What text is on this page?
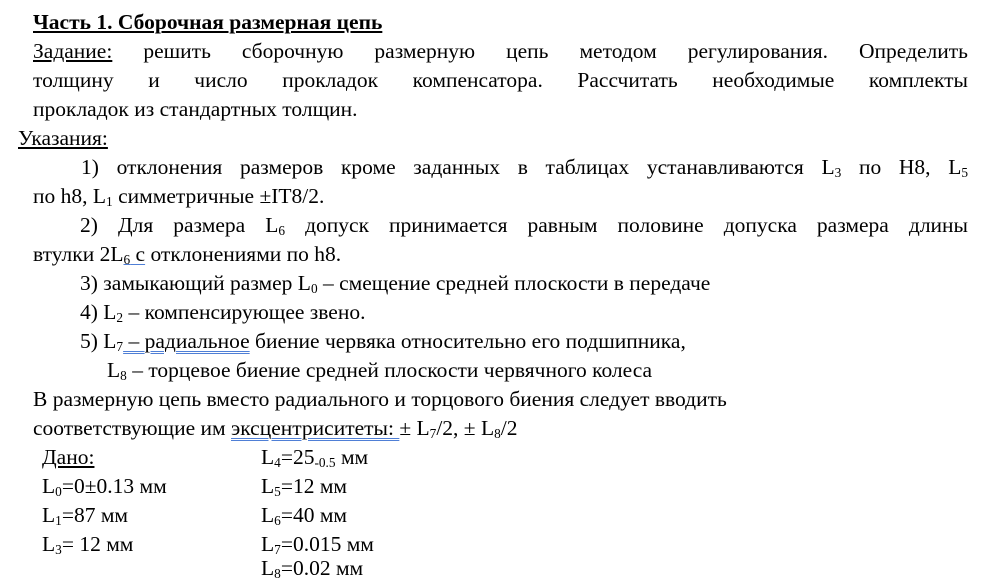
Часть 1. Сборочная размерная цепь
Задание: решить сборочную размерную цепь методом регулирования. Определить
толщину и число прокладок компенсатора. Рассчитать необходимые комплекты
прокладок из стандартных толщин.
Указания:
1) отклонения размеров кроме заданных в таблицах устанавливаются $L_3$ по H8, $L_5$
по h8, $L_1$ симметричные ±IT8/2.
2) Для размера $L_6$ допуск принимается равным половине допуска размера длины
втулки $2L_6$ с отклонениями по h8.
3) замыкающий размер $L_0$ – смещение средней плоскости в передаче
4) $L_2$ – компенсирующее звено.
5) $L_7$ – радиальное биение червяка относительно его подшипника,
$L_8$ – торцевое биение средней плоскости червячного колеса
В размерную цепь вместо радиального и торцового биения следует вводить
соответствующие им эксцентриситеты: ± $L_7/2$, ± $L_8/2$
Дано:
$L_0=0\pm 0.13$ мм
$L_1=87$ мм
$L_3= 12$ мм
$L_4=25_{-0.5}$ мм
$L_5=12$ мм
$L_6=40$ мм
$L_7=0.015$ мм
$L_8=0.02$ мм
